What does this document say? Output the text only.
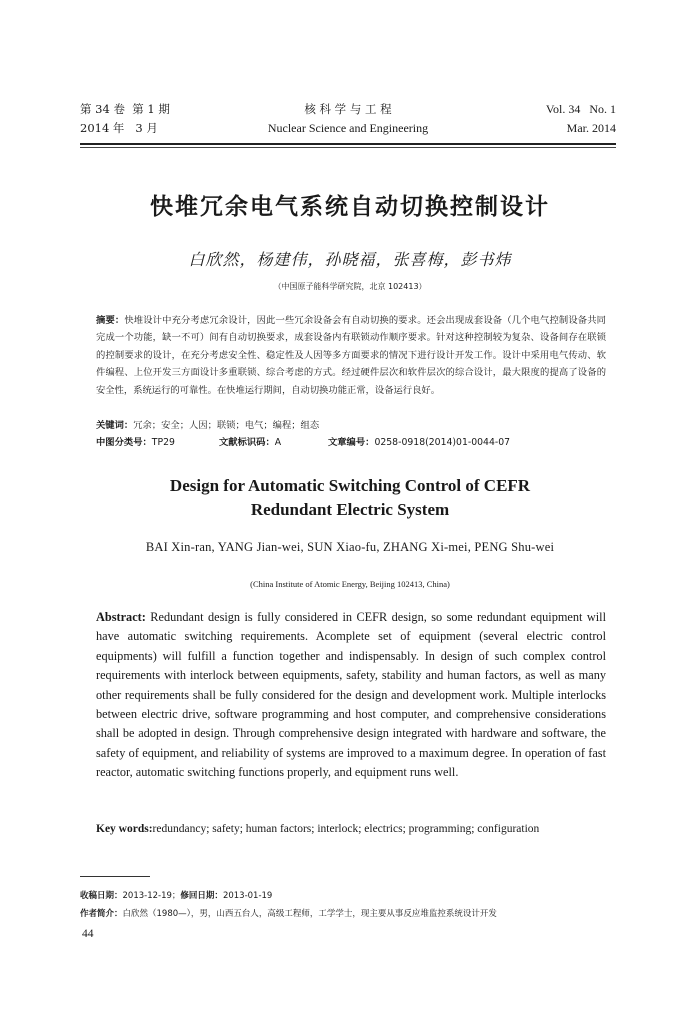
第 34 卷 第 1 期
2014 年 3 月
核 科 学 与 工 程
Nuclear Science and Engineering
Vol. 34 No. 1
Mar. 2014
快堆冗余电气系统自动切换控制设计
白欣然，杨建伟，孙晓福，张喜梅，彭书炜
（中国原子能科学研究院，北京 102413）
摘要：快堆设计中充分考虑冗余设计，因此一些冗余设备会有自动切换的要求。还会出现成套设备（几个电气控制设备共同完成一个功能，缺一不可）间有自动切换要求，成套设备内有联锁动作顺序要求。针对这种控制较为复杂、设备间存在联锁的控制要求的设计，在充分考虑安全性、稳定性及人因等多方面要求的情况下进行设计开发工作。设计中采用电气传动、软件编程、上位开发三方面设计多重联锁、综合考虑的方式。经过硬件层次和软件层次的综合设计，最大限度的提高了设备的安全性，系统运行的可靠性。在快堆运行期间，自动切换功能正常，设备运行良好。
关键词：冗余；安全；人因；联锁；电气；编程；组态
中图分类号：TP29	文献标识码：A	文章编号：0258-0918(2014)01-0044-07
Design for Automatic Switching Control of CEFR
Redundant Electric System
BAI Xin-ran, YANG Jian-wei, SUN Xiao-fu, ZHANG Xi-mei, PENG Shu-wei
(China Institute of Atomic Energy, Beijing 102413, China)
Abstract: Redundant design is fully considered in CEFR design, so some redundant equipment will have automatic switching requirements. Acomplete set of equipment (several electric control equipments) will fulfill a function together and indispensably. In design of such complex control requirements with interlock between equipments, safety, stability and human factors, as well as many other requirements shall be fully considered for the design and development work. Multiple interlocks between electric drive, software programming and host computer, and comprehensive considerations shall be adopted in design. Through comprehensive design integrated with hardware and software, the safety of equipment, and reliability of systems are improved to a maximum degree. In operation of fast reactor, automatic switching functions properly, and equipment runs well.
Key words:redundancy; safety; human factors; interlock; electrics; programming; configuration
收稿日期：2013-12-19；修回日期：2013-01-19
作者简介：白欣然（1980—），男，山西五台人，高级工程师，工学学士，现主要从事反应堆监控系统设计开发
44
